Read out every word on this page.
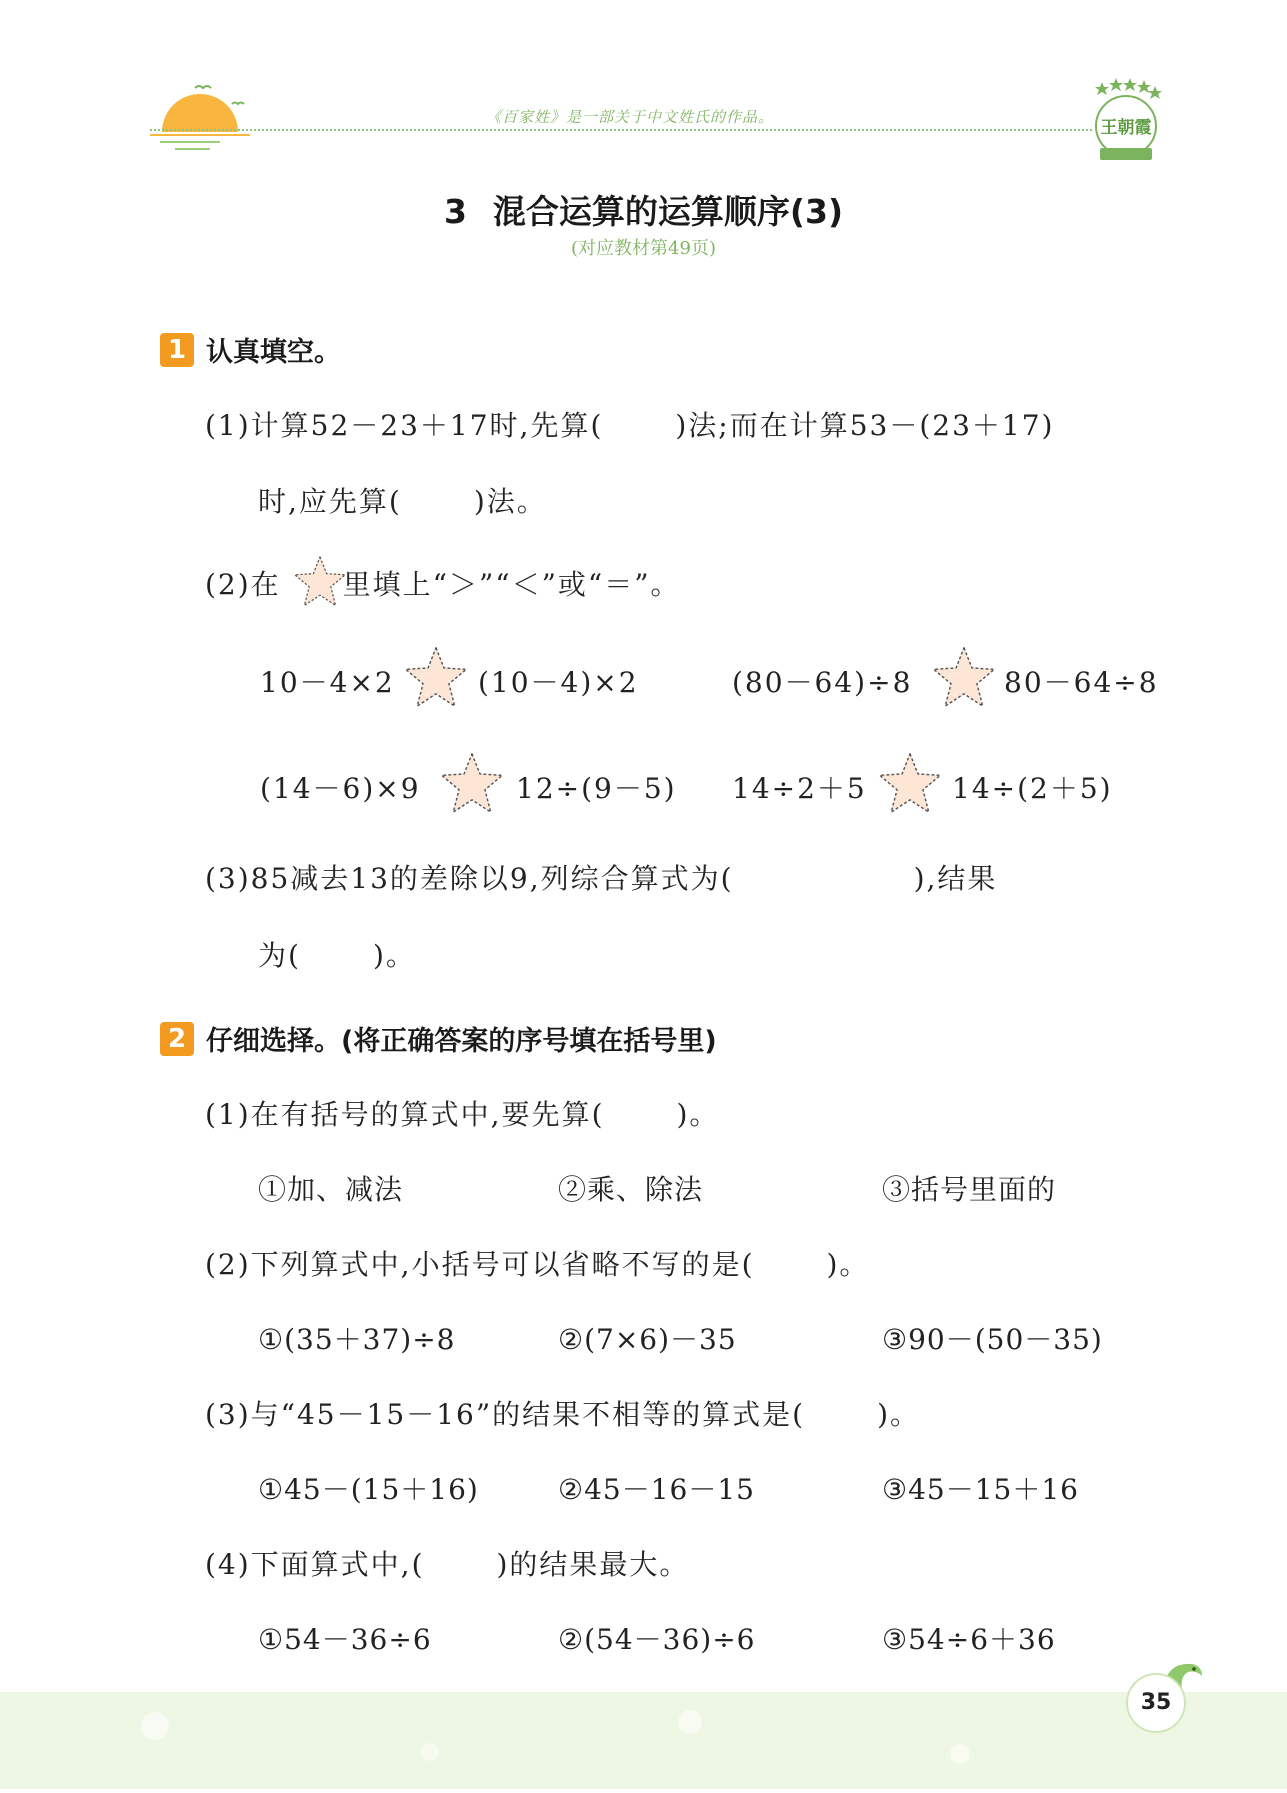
《百家姓》是一部关于中文姓氏的作品。
王朝霞
3 混合运算的运算顺序(3)
(对应教材第49页)
1 认真填空。
(1)计算52－23＋17时,先算(	)法;而在计算53－(23＋17)
时,应先算(	)法。
(2)在 里填上“＞”“＜”或“＝”。
10－4×2	(10－4)×2	(80－64)÷8	80－64÷8
(14－6)×9	12÷(9－5) 14÷2＋5	14÷(2＋5)
(3)85减去13的差除以9,列综合算式为(	),结果
为(	)。
2 仔细选择。(将正确答案的序号填在括号里)
(1)在有括号的算式中,要先算(	)。
①加、减法	②乘、除法	③括号里面的
(2)下列算式中,小括号可以省略不写的是(	)。
①(35＋37)÷8	②(7×6)－35	③90－(50－35)
(3)与“45－15－16”的结果不相等的算式是(	)。
①45－(15＋16)	②45－16－15	③45－15＋16
(4)下面算式中,(	)的结果最大。
①54－36÷6	②(54－36)÷6	③54÷6＋36
35
